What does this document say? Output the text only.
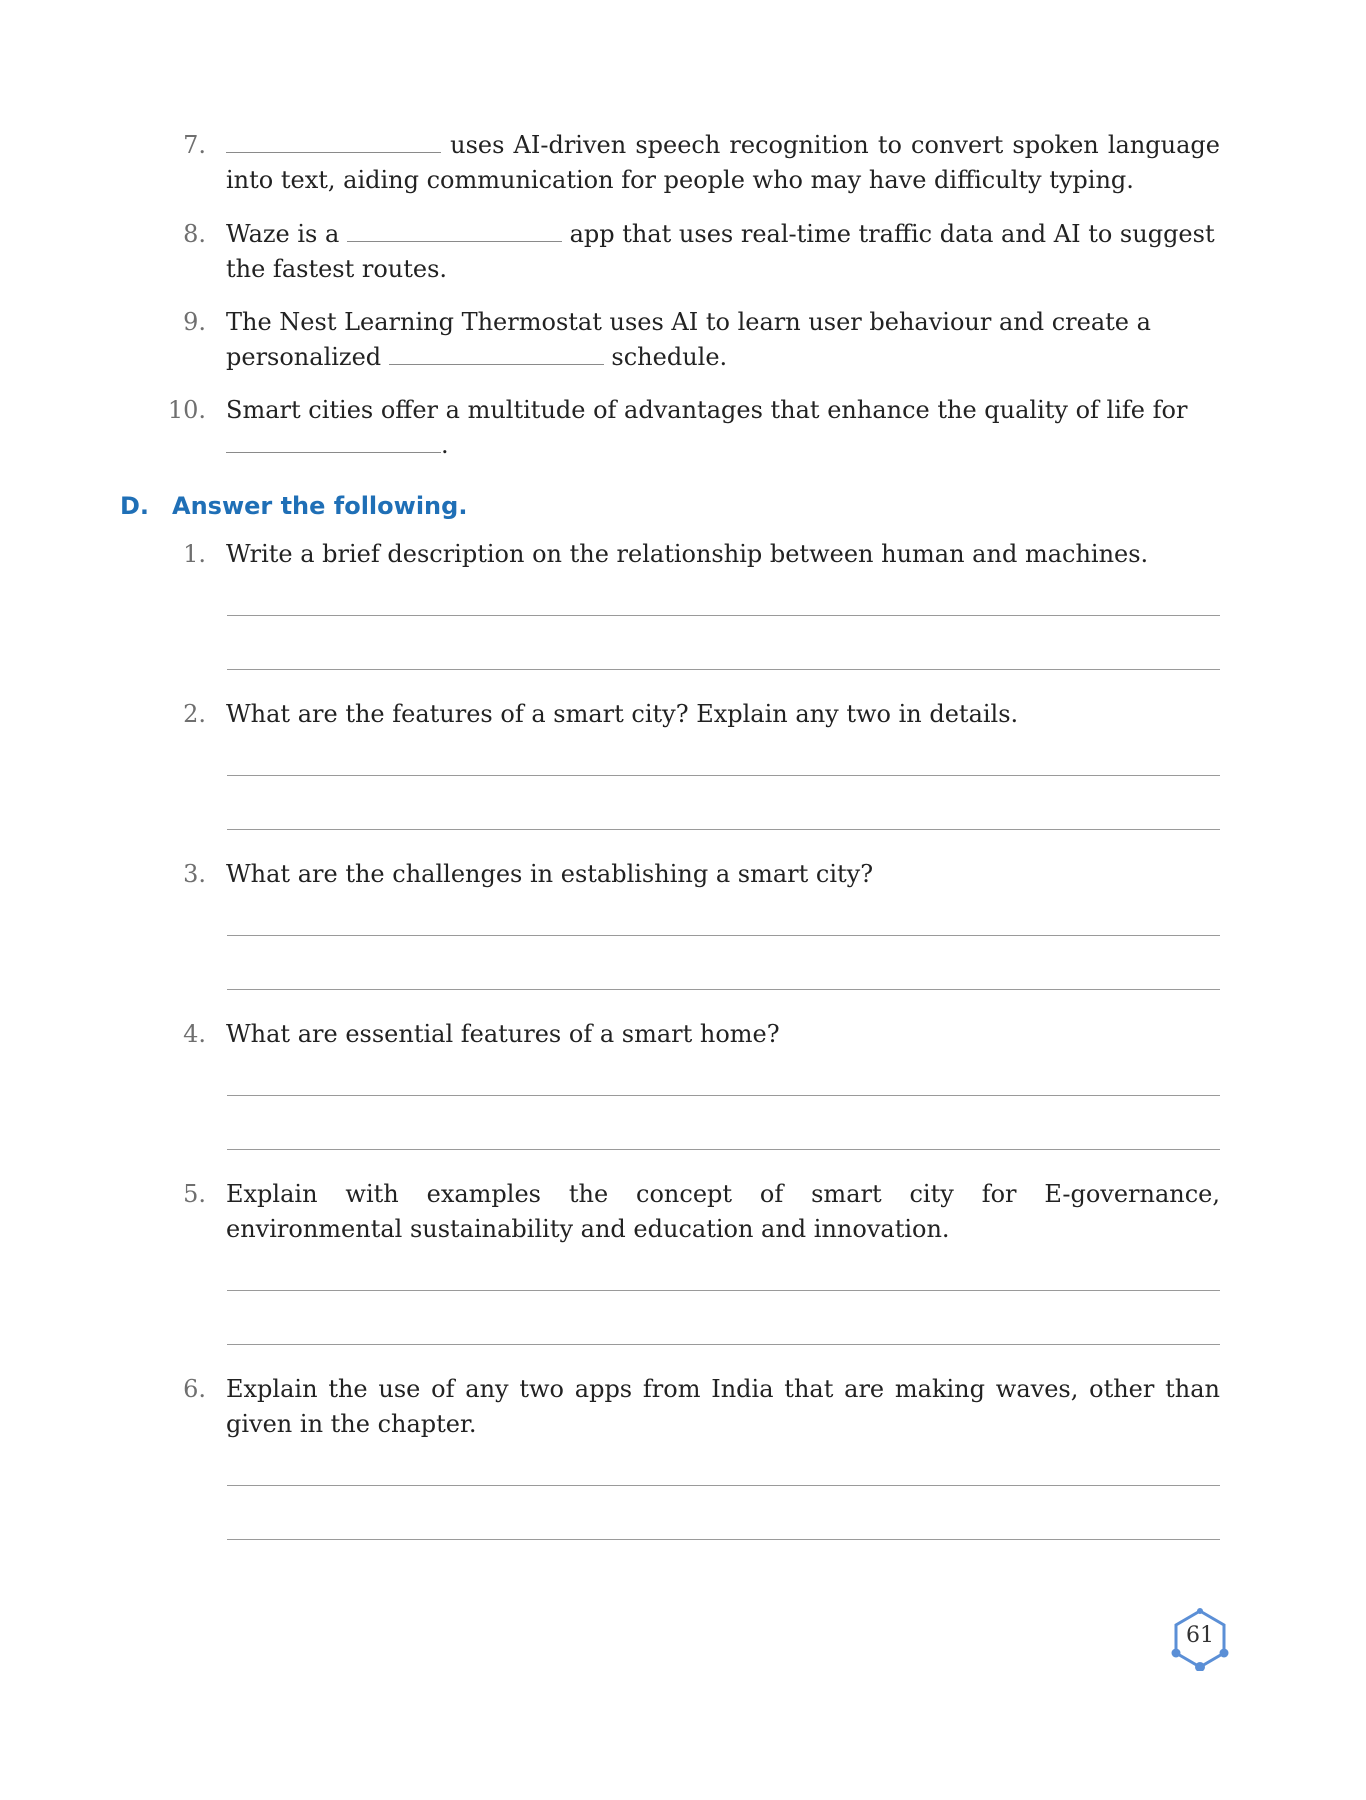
7.	uses AI-driven speech recognition to convert spoken language into text, aiding communication for people who may have difficulty typing.
8. Waze is a	app that uses real-time traffic data and AI to suggest the fastest routes.
9. The Nest Learning Thermostat uses AI to learn user behaviour and create a personalized	schedule.
10. Smart cities offer a multitude of advantages that enhance the quality of life for
.
D. Answer the following.
1. Write a brief description on the relationship between human and machines.
2. What are the features of a smart city? Explain any two in details.
3. What are the challenges in establishing a smart city?
4. What are essential features of a smart home?
5. Explain with examples the concept of smart city for E-governance, environmental sustainability and education and innovation.
6. Explain the use of any two apps from India that are making waves, other than given in the chapter.
61
